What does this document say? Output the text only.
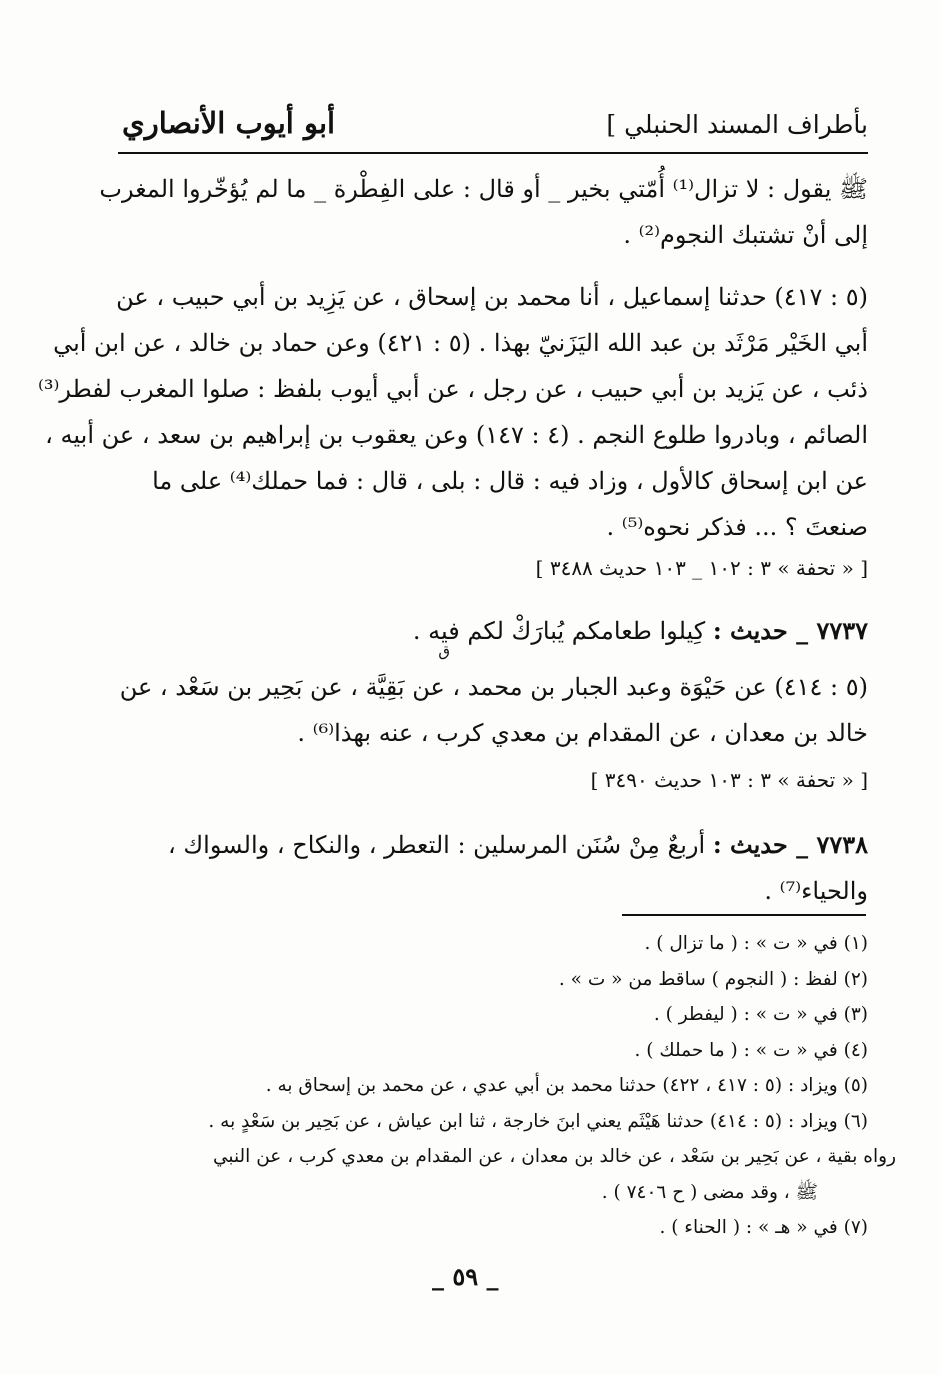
بأطراف المسند الحنبلي ]
أبو أيوب الأنصاري
ﷺ يقول : لا تزال⁽¹⁾ أُمّتي بخير _ أو قال : على الفِطْرة _ ما لم يُؤخّروا المغرب
إلى أنْ تشتبك النجوم⁽²⁾ .
(٥ : ٤١٧) حدثنا إسماعيل ، أنا محمد بن إسحاق ، عن يَزِيد بن أبي حبيب ، عن
أبي الخَيْر مَرْثَد بن عبد الله اليَزَنيّ بهذا . (٥ : ٤٢١) وعن حماد بن خالد ، عن ابن أبي
ذئب ، عن يَزيد بن أبي حبيب ، عن رجل ، عن أبي أيوب بلفظ : صلوا المغرب لفطر⁽³⁾
الصائم ، وبادروا طلوع النجم . (٤ : ١٤٧) وعن يعقوب بن إبراهيم بن سعد ، عن أبيه ،
عن ابن إسحاق كالأول ، وزاد فيه : قال : بلى ، قال : فما حملك⁽⁴⁾ على ما
صنعتَ ؟ ... فذكر نحوه⁽⁵⁾ .
[ « تحفة » ٣ : ١٠٢ _ ١٠٣ حديث ٣٤٨٨ ]
٧٧٣٧ _ حديث : كِيلوا طعامكم يُبارَكْ لكم فيه .
ق
(٥ : ٤١٤) عن حَيْوَة وعبد الجبار بن محمد ، عن بَقِيَّة ، عن بَحِير بن سَعْد ، عن
خالد بن معدان ، عن المقدام بن معدي كرب ، عنه بهذا⁽⁶⁾ .
[ « تحفة » ٣ : ١٠٣ حديث ٣٤٩٠ ]
٧٧٣٨ _ حديث : أربعٌ مِنْ سُنَن المرسلين : التعطر ، والنكاح ، والسواك ،
والحياء⁽⁷⁾ .
(١) في « ت » : ( ما تزال ) .
(٢) لفظ : ( النجوم ) ساقط من « ت » .
(٣) في « ت » : ( ليفطر ) .
(٤) في « ت » : ( ما حملك ) .
(٥) ويزاد : (٥ : ٤١٧ ، ٤٢٢) حدثنا محمد بن أبي عدي ، عن محمد بن إسحاق به .
(٦) ويزاد : (٥ : ٤١٤) حدثنا هَيْثَم يعني ابنَ خارجة ، ثنا ابن عياش ، عن بَحِير بن سَعْدٍ به .
رواه بقية ، عن بَحِير بن سَعْد ، عن خالد بن معدان ، عن المقدام بن معدي كرب ، عن النبي
ﷺ ، وقد مضى ( ح ٧٤٠٦ ) .
(٧) في « هـ » : ( الحناء ) .
_ ٥٩ _
